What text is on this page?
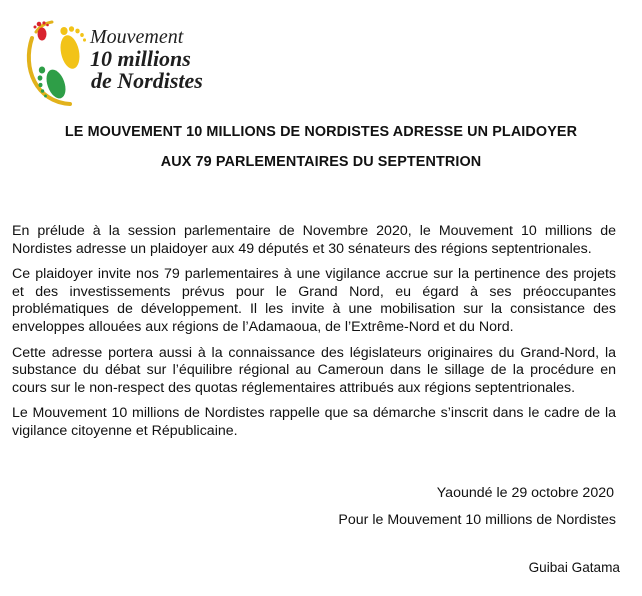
Mouvement
10 millions
de Nordistes
LE MOUVEMENT 10 MILLIONS DE NORDISTES ADRESSE UN PLAIDOYER
AUX 79 PARLEMENTAIRES DU SEPTENTRION

En prélude à la session parlementaire de Novembre 2020, le Mouvement 10 millions de Nordistes adresse un plaidoyer aux 49 députés et 30 sénateurs des régions septentrionales.

Ce plaidoyer invite nos 79 parlementaires à une vigilance accrue sur la pertinence des projets et des investissements prévus pour le Grand Nord, eu égard à ses préoccupantes problématiques de développement. Il les invite à une mobilisation sur la consistance des enveloppes allouées aux régions de l’Adamaoua, de l’Extrême-Nord et du Nord.

Cette adresse portera aussi à la connaissance des législateurs originaires du Grand-Nord, la substance du débat sur l’équilibre régional au Cameroun dans le sillage de la procédure en cours sur le non-respect des quotas réglementaires attribués aux régions septentrionales.

Le Mouvement 10 millions de Nordistes rappelle que sa démarche s’inscrit dans le cadre de la vigilance citoyenne et Républicaine.

Yaoundé le 29 octobre 2020
Pour le Mouvement 10 millions de Nordistes
Guibai Gatama
